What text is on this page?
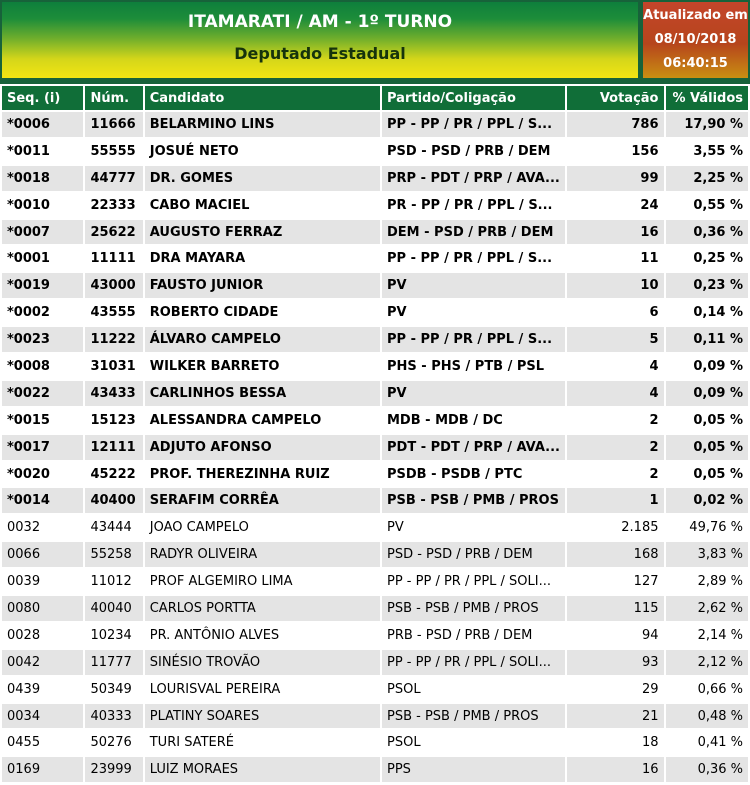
ITAMARATI / AM - 1º TURNO
Deputado Estadual
Atualizado em
08/10/2018
06:40:15
Seq. (i)	Núm.	Candidato	Partido/Coligação	Votação	% Válidos
*0006	11666	BELARMINO LINS	PP - PP / PR / PPL / S...	786	17,90 %
*0011	55555	JOSUÉ NETO	PSD - PSD / PRB / DEM	156	3,55 %
*0018	44777	DR. GOMES	PRP - PDT / PRP / AVA...	99	2,25 %
*0010	22333	CABO MACIEL	PR - PP / PR / PPL / S...	24	0,55 %
*0007	25622	AUGUSTO FERRAZ	DEM - PSD / PRB / DEM	16	0,36 %
*0001	11111	DRA MAYARA	PP - PP / PR / PPL / S...	11	0,25 %
*0019	43000	FAUSTO JUNIOR	PV	10	0,23 %
*0002	43555	ROBERTO CIDADE	PV	6	0,14 %
*0023	11222	ÁLVARO CAMPELO	PP - PP / PR / PPL / S...	5	0,11 %
*0008	31031	WILKER BARRETO	PHS - PHS / PTB / PSL	4	0,09 %
*0022	43433	CARLINHOS BESSA	PV	4	0,09 %
*0015	15123	ALESSANDRA CAMPELO	MDB - MDB / DC	2	0,05 %
*0017	12111	ADJUTO AFONSO	PDT - PDT / PRP / AVA...	2	0,05 %
*0020	45222	PROF. THEREZINHA RUIZ	PSDB - PSDB / PTC	2	0,05 %
*0014	40400	SERAFIM CORRÊA	PSB - PSB / PMB / PROS	1	0,02 %
0032	43444	JOAO CAMPELO	PV	2.185	49,76 %
0066	55258	RADYR OLIVEIRA	PSD - PSD / PRB / DEM	168	3,83 %
0039	11012	PROF ALGEMIRO LIMA	PP - PP / PR / PPL / SOLI...	127	2,89 %
0080	40040	CARLOS PORTTA	PSB - PSB / PMB / PROS	115	2,62 %
0028	10234	PR. ANTÔNIO ALVES	PRB - PSD / PRB / DEM	94	2,14 %
0042	11777	SINÉSIO TROVÃO	PP - PP / PR / PPL / SOLI...	93	2,12 %
0439	50349	LOURISVAL PEREIRA	PSOL	29	0,66 %
0034	40333	PLATINY SOARES	PSB - PSB / PMB / PROS	21	0,48 %
0455	50276	TURI SATERÉ	PSOL	18	0,41 %
0169	23999	LUIZ MORAES	PPS	16	0,36 %
